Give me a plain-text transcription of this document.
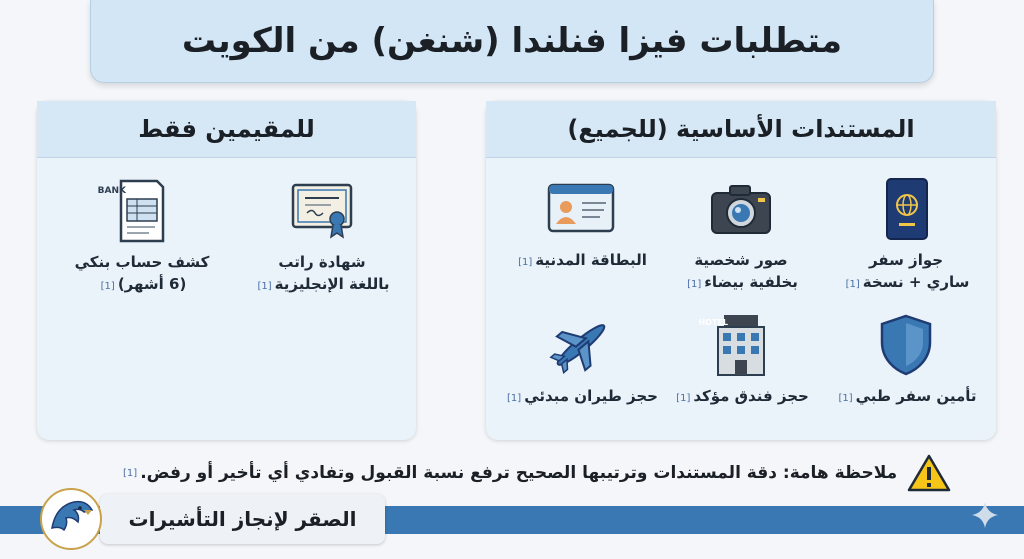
متطلبات فيزا فنلندا (شنغن) من الكويت
للمقيمين فقط
شهادة راتب
باللغة الإنجليزية[1]
BANK
كشف حساب بنكي
(6 أشهر)[1]
المستندات الأساسية (للجميع)
جواز سفر
ساري + نسخة[1]
صور شخصية
بخلفية بيضاء[1]
البطاقة المدنية[1]
تأمين سفر طبي[1]
HOTEL
حجز فندق مؤكد[1]
حجز طيران مبدئي[1]
ملاحظة هامة: دقة المستندات وترتيبها الصحيح ترفع نسبة القبول وتفادي أي تأخير أو رفض.
[1]
الصقر لإنجاز التأشيرات
